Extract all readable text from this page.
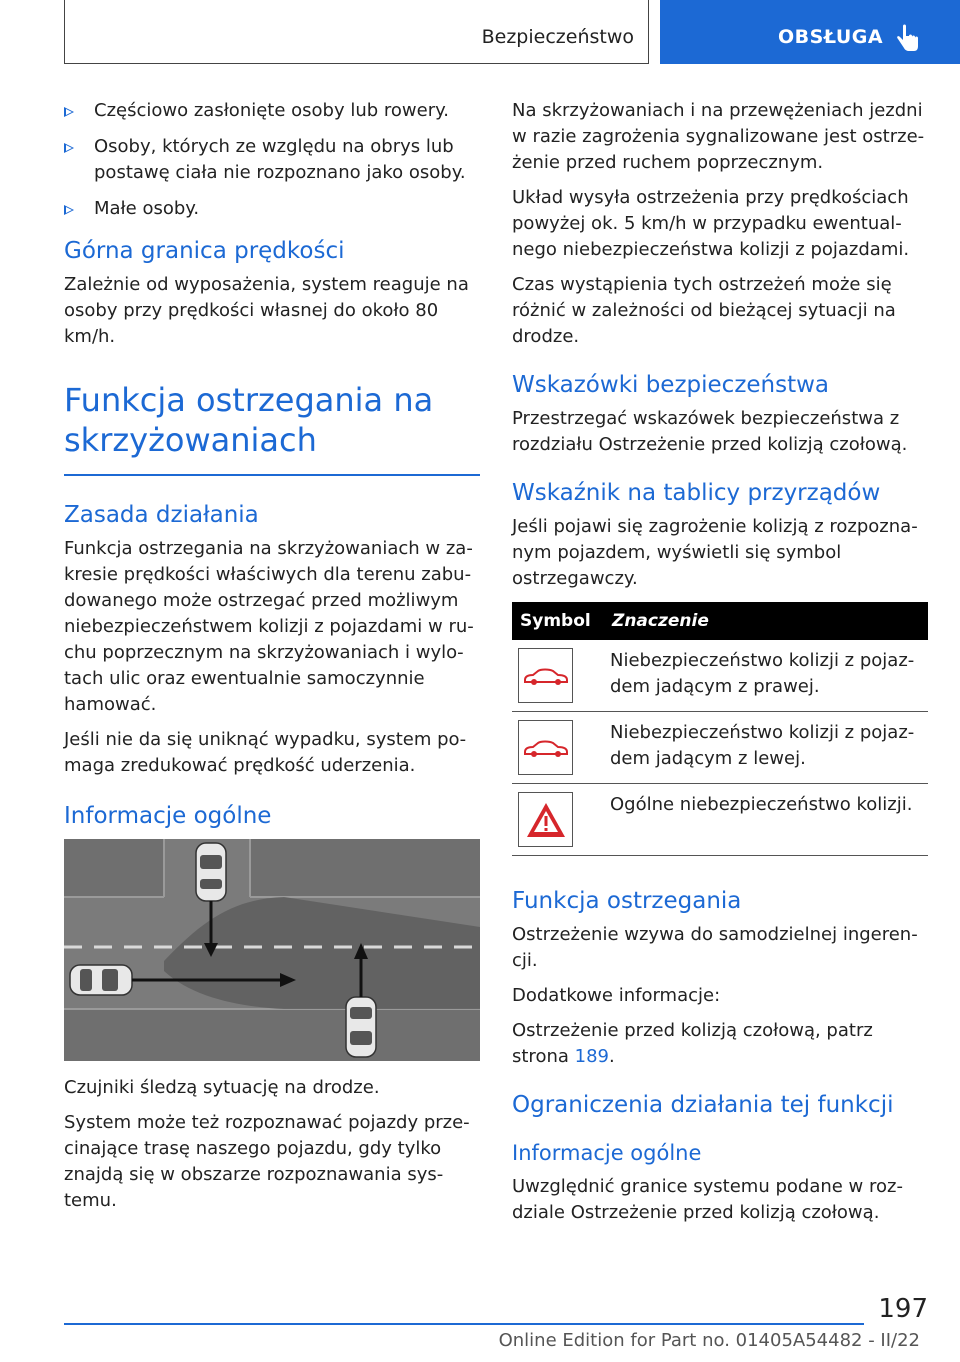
Bezpieczeństwo	OBSŁUGA
Częściowo zasłonięte osoby lub rowery.
Osoby, których ze względu na obrys lub postawę ciała nie rozpoznano jako osoby.
Małe osoby.
Górna granica prędkości

Zależnie od wyposażenia, system reaguje na osoby przy prędkości własnej do około 80 km/h.

Funkcja ostrzegania na skrzyżowaniach
Zasada działania

Funkcja ostrzegania na skrzyżowaniach w zakresie prędkości właściwych dla terenu zabudowanego może ostrzegać przed możliwym niebezpieczeństwem kolizji z pojazdami w ruchu poprzecznym na skrzyżowaniach i wylotach ulic oraz ewentualnie samoczynnie hamować.

Jeśli nie da się uniknąć wypadku, system pomaga zredukować prędkość uderzenia.

Informacje ogólne

Czujniki śledzą sytuację na drodze.

System może też rozpoznawać pojazdy przecinające trasę naszego pojazdu, gdy tylko znajdą się w obszarze rozpoznawania systemu.

Na skrzyżowaniach i na przewężeniach jezdni w razie zagrożenia sygnalizowane jest ostrzeżenie przed ruchem poprzecznym.

Układ wysyła ostrzeżenia przy prędkościach powyżej ok. 5 km/h w przypadku ewentualnego niebezpieczeństwa kolizji z pojazdami.

Czas wystąpienia tych ostrzeżeń może się różnić w zależności od bieżącej sytuacji na drodze.

Wskazówki bezpieczeństwa

Przestrzegać wskazówek bezpieczeństwa z rozdziału Ostrzeżenie przed kolizją czołową.

Wskaźnik na tablicy przyrządów

Jeśli pojawi się zagrożenie kolizją z rozpoznanym pojazdem, wyświetli się symbol ostrzegawczy.

Symbol	Znaczenie

	Niebezpieczeństwo kolizji z pojazdem jadącym z prawej.

	Niebezpieczeństwo kolizji z pojazdem jadącym z lewej.

	Ogólne niebezpieczeństwo kolizji.
Funkcja ostrzegania

Ostrzeżenie wzywa do samodzielnej ingerencji.

Dodatkowe informacje:

Ostrzeżenie przed kolizją czołową, patrz strona 189.

Ograniczenia działania tej funkcji
Informacje ogólne

Uwzględnić granice systemu podane w rozdziale Ostrzeżenie przed kolizją czołową.

197
Online Edition for Part no. 01405A54482 - II/22
